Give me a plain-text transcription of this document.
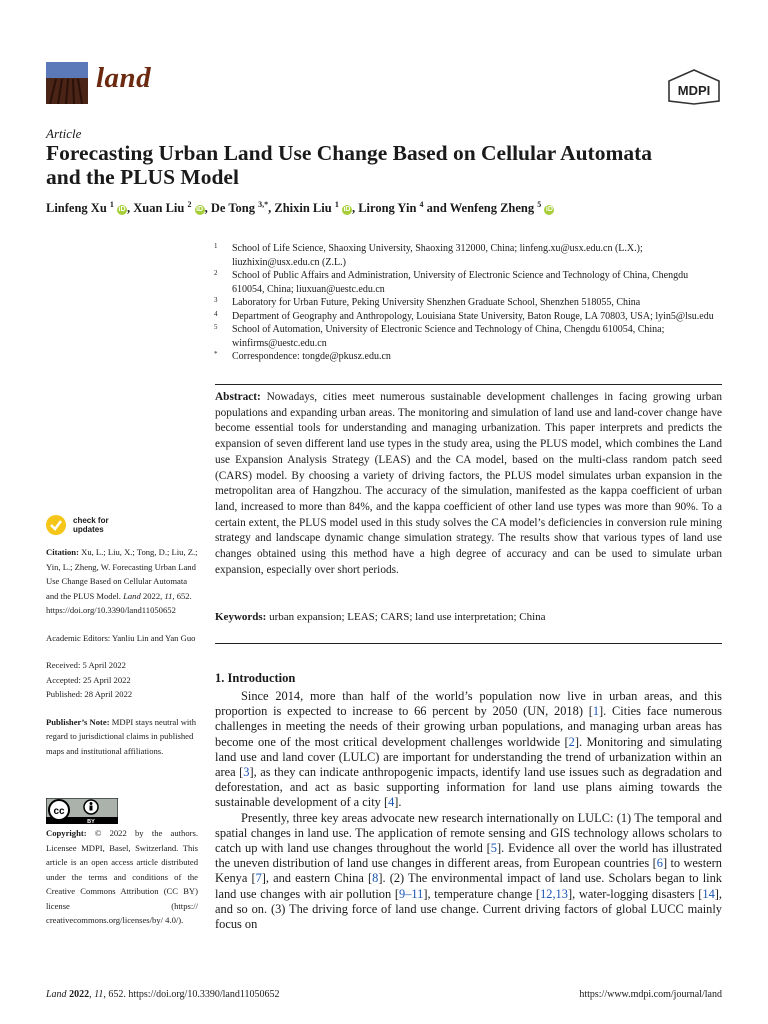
land	MDPI
Article
Forecasting Urban Land Use Change Based on Cellular Automata and the PLUS Model
Linfeng Xu $^1$ iD , Xuan Liu $^2$ iD , De Tong $^{3,*}$, Zhixin Liu $^1$ iD , Lirong Yin $^4$ and Wenfeng Zheng $^5$ iD
1 School of Life Science, Shaoxing University, Shaoxing 312000, China; linfeng.xu@usx.edu.cn (L.X.); liuzhixin@usx.edu.cn (Z.L.)
2 School of Public Affairs and Administration, University of Electronic Science and Technology of China, Chengdu 610054, China; liuxuan@uestc.edu.cn
3 Laboratory for Urban Future, Peking University Shenzhen Graduate School, Shenzhen 518055, China
4 Department of Geography and Anthropology, Louisiana State University, Baton Rouge, LA 70803, USA; lyin5@lsu.edu
5 School of Automation, University of Electronic Science and Technology of China, Chengdu 610054, China; winfirms@uestc.edu.cn
* Correspondence: tongde@pkusz.edu.cn
Abstract: Nowadays, cities meet numerous sustainable development challenges in facing growing urban populations and expanding urban areas. The monitoring and simulation of land use and land-cover change have become essential tools for understanding and managing urbanization. This paper interprets and predicts the expansion of seven different land use types in the study area, using the PLUS model, which combines the Land use Expansion Analysis Strategy (LEAS) and the CA model, based on the multi-class random patch seed (CARS) model. By choosing a variety of driving factors, the PLUS model simulates urban expansion in the metropolitan area of Hangzhou. The accuracy of the simulation, manifested as the kappa coefficient of urban land, increased to more than 84%, and the kappa coefficient of other land use types was more than 90%. To a certain extent, the PLUS model used in this study solves the CA model’s deficiencies in conversion rule mining strategy and landscape dynamic change simulation strategy. The results show that various types of land use changes obtained using this method have a high degree of accuracy and can be used to simulate urban expansion, especially over short periods.
Keywords: urban expansion; LEAS; CARS; land use interpretation; China
check for
updates
Citation: Xu, L.; Liu, X.; Tong, D.; Liu, Z.; Yin, L.; Zheng, W. Forecasting Urban Land Use Change Based on Cellular Automata and the PLUS Model. Land 2022, 11, 652. https://doi.org/10.3390/land11050652
Academic Editors: Yanliu Lin and Yan Guo
Received: 5 April 2022
Accepted: 25 April 2022
Published: 28 April 2022
Publisher’s Note: MDPI stays neutral with regard to jurisdictional claims in published maps and institutional affiliations.
cc
BY
Copyright: © 2022 by the authors. Licensee MDPI, Basel, Switzerland. This article is an open access article distributed under the terms and conditions of the Creative Commons Attribution (CC BY) license (https:// creativecommons.org/licenses/by/ 4.0/).
1. Introduction

Since 2014, more than half of the world’s population now live in urban areas, and this proportion is expected to increase to 66 percent by 2050 (UN, 2018) [1]. Cities face numerous challenges in meeting the needs of their growing urban populations, and managing urban areas has become one of the most critical development challenges worldwide [2]. Monitoring and simulating land use and land cover (LULC) are important for understanding the trend of urbanization within an area [3], as they can indicate anthropogenic impacts, identify land use issues such as degradation and deforestation, and act as basic supporting information for land use plans aiming towards the sustainable development of a city [4].

Presently, three key areas advocate new research internationally on LULC: (1) The temporal and spatial changes in land use. The application of remote sensing and GIS technology allows scholars to catch up with land use changes throughout the world [5]. Evidence all over the world has illustrated the uneven distribution of land use changes in different areas, from European countries [6] to western Kenya [7], and eastern China [8]. (2) The environmental impact of land use. Scholars began to link land use changes with air pollution [9–11], temperature change [12,13], water-logging disasters [14], and so on. (3) The driving force of land use change. Current driving factors of global LUCC mainly focus on

Land 2022, 11, 652. https://doi.org/10.3390/land11050652	https://www.mdpi.com/journal/land
